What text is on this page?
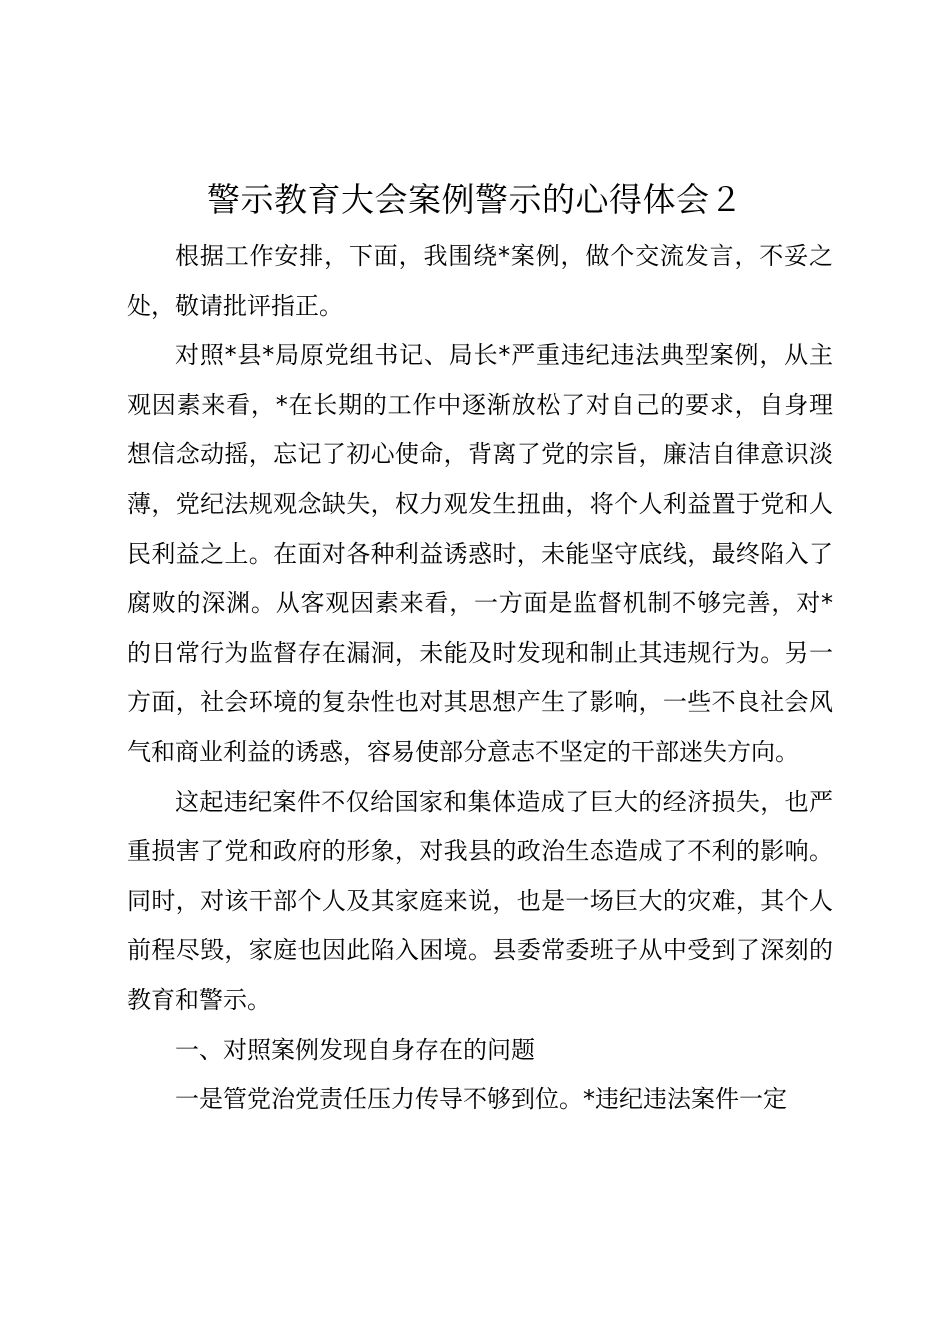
警示教育大会案例警示的心得体会２

根据工作安排，下面，我围绕*案例，做个交流发言，不妥之处，敬请批评指正。

对照*县*局原党组书记、局长*严重违纪违法典型案例，从主观因素来看，*在长期的工作中逐渐放松了对自己的要求，自身理想信念动摇，忘记了初心使命，背离了党的宗旨，廉洁自律意识淡薄，党纪法规观念缺失，权力观发生扭曲，将个人利益置于党和人民利益之上。在面对各种利益诱惑时，未能坚守底线，最终陷入了腐败的深渊。从客观因素来看，一方面是监督机制不够完善，对*的日常行为监督存在漏洞，未能及时发现和制止其违规行为。另一方面，社会环境的复杂性也对其思想产生了影响，一些不良社会风气和商业利益的诱惑，容易使部分意志不坚定的干部迷失方向。

这起违纪案件不仅给国家和集体造成了巨大的经济损失，也严重损害了党和政府的形象，对我县的政治生态造成了不利的影响。同时，对该干部个人及其家庭来说，也是一场巨大的灾难，其个人前程尽毁，家庭也因此陷入困境。县委常委班子从中受到了深刻的教育和警示。

一、对照案例发现自身存在的问题

一是管党治党责任压力传导不够到位。*违纪违法案件一定
